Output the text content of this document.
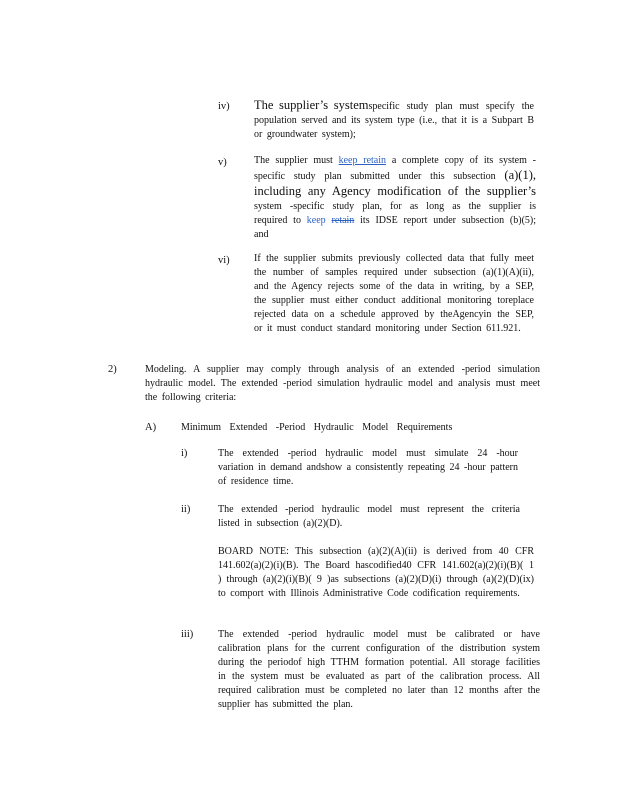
iv) The supplier’s systemspecific study plan must specify the population served and its system type (i.e., that it is a Subpart B or groundwater system);
v)	The supplier must keep retain a complete copy of its system -specific study plan submitted under this subsection (a)(1), including any Agency modification of the supplier’s system -specific study plan, for as long as the supplier is required to keep retain its IDSE report under subsection (b)(5); and
vi) If the supplier submits previously collected data that fully meet the number of samples required under subsection (a)(1)(A)(ii), and the Agency rejects some of the data in writing, by a SEP, the supplier must either conduct additional monitoring toreplace rejected data on a schedule approved by theAgencyin the SEP, or it must conduct standard monitoring under Section 611.921.
2)	Modeling. A supplier may comply through analysis of an extended -period simulation hydraulic model. The extended -period simulation hydraulic model and analysis must meet the following criteria:
A) Minimum Extended -Period Hydraulic Model Requirements
i)	The extended -period hydraulic model must simulate 24 -hour variation in demand andshow a consistently repeating 24 -hour pattern of residence time.
ii)	The extended -period hydraulic model must represent the criteria listed in subsection (a)(2)(D).
BOARD NOTE: This subsection (a)(2)(A)(ii) is derived from 40 CFR 141.602(a)(2)(i)(B). The Board hascodified40 CFR 141.602(a)(2)(i)(B)( 1 ) through (a)(2)(i)(B)( 9 )as subsections (a)(2)(D)(i) through (a)(2)(D)(ix) to comport with Illinois Administrative Code codification requirements.
iii) The extended -period hydraulic model must be calibrated or have calibration plans for the current configuration of the distribution system during the periodof high TTHM formation potential. All storage facilities in the system must be evaluated as part of the calibration process. All required calibration must be completed no later than 12 months after the supplier has submitted the plan.
